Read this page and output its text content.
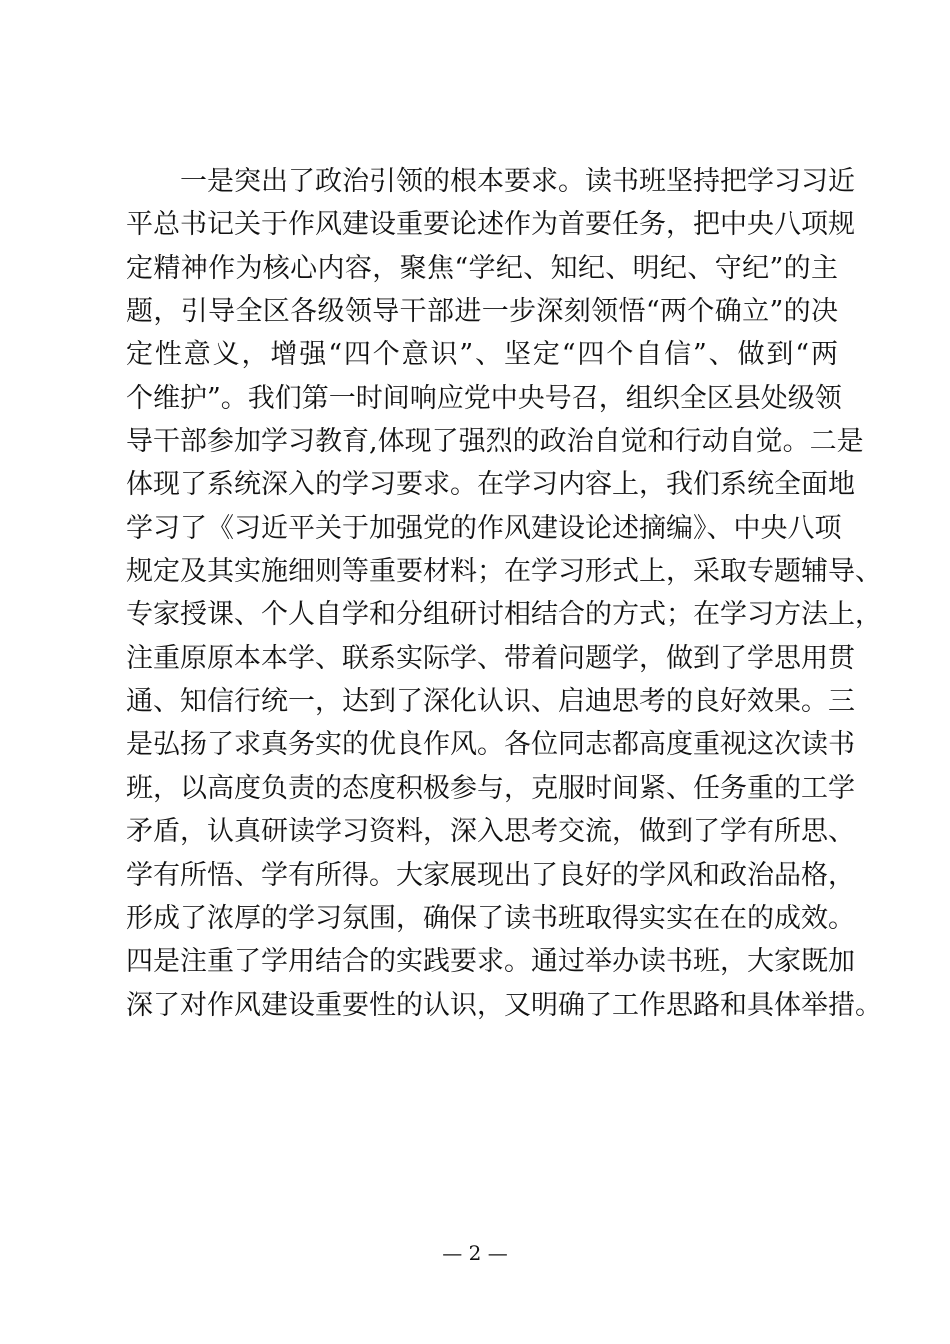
一是突出了政治引领的根本要求。读书班坚持把学习习近
平总书记关于作风建设重要论述作为首要任务，把中央八项规
定精神作为核心内容，聚焦“学纪、知纪、明纪、守纪”的主
题，引导全区各级领导干部进一步深刻领悟“两个确立”的决
定性意义，增强“四个意识”、坚定“四个自信”、做到“两
个维护”。我们第一时间响应党中央号召，组织全区县处级领
导干部参加学习教育,体现了强烈的政治自觉和行动自觉。二是
体现了系统深入的学习要求。在学习内容上，我们系统全面地
学习了《习近平关于加强党的作风建设论述摘编》、中央八项
规定及其实施细则等重要材料；在学习形式上，采取专题辅导、
专家授课、个人自学和分组研讨相结合的方式；在学习方法上，
注重原原本本学、联系实际学、带着问题学，做到了学思用贯
通、知信行统一，达到了深化认识、启迪思考的良好效果。三
是弘扬了求真务实的优良作风。各位同志都高度重视这次读书
班，以高度负责的态度积极参与，克服时间紧、任务重的工学
矛盾，认真研读学习资料，深入思考交流，做到了学有所思、
学有所悟、学有所得。大家展现出了良好的学风和政治品格，
形成了浓厚的学习氛围，确保了读书班取得实实在在的成效。
四是注重了学用结合的实践要求。通过举办读书班，大家既加
深了对作风建设重要性的认识，又明确了工作思路和具体举措。
— 2 —
